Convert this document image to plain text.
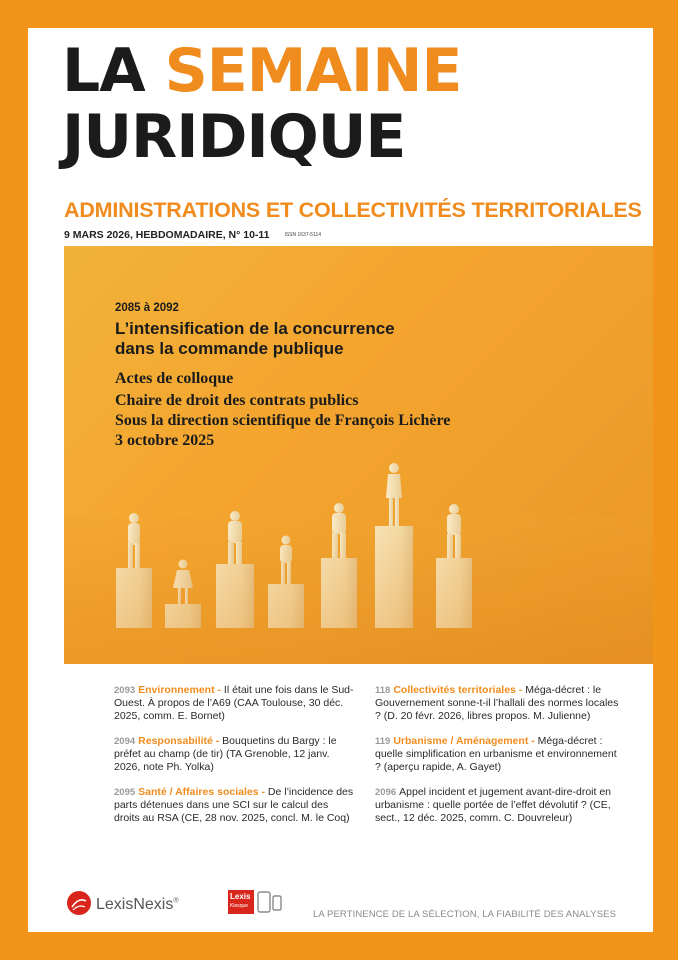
LA SEMAINE
JURIDIQUE
ADMINISTRATIONS ET COLLECTIVITÉS TERRITORIALES
9 MARS 2026, HEBDOMADAIRE, N° 10-11	ISSN 1637-5114
2085 à 2092
L’intensification de la concurrence
dans la commande publique
Actes de colloque
Chaire de droit des contrats publics
Sous la direction scientifique de François Lichère
3 octobre 2025
2093 Environnement - Il était une fois dans le Sud-Ouest. À propos de l’A69 (CAA Toulouse, 30 déc. 2025, comm. E. Bornet)
2094 Responsabilité - Bouquetins du Bargy : le préfet au champ (de tir) (TA Grenoble, 12 janv. 2026, note Ph. Yolka)
2095 Santé / Affaires sociales - De l’incidence des parts détenues dans une SCI sur le calcul des droits au RSA (CE, 28 nov. 2025, concl. M. le Coq)
118 Collectivités territoriales - Méga-décret : le Gouvernement sonne-t-il l’hallali des normes locales ? (D. 20 févr. 2026, libres propos. M. Julienne)
119 Urbanisme / Aménagement - Méga-décret : quelle simplification en urbanisme et environnement ? (aperçu rapide, A. Gayet)
2096 Appel incident et jugement avant-dire-droit en urbanisme : quelle portée de l’effet dévolutif ? (CE, sect., 12 déc. 2025, comm. C. Douvreleur)
LexisNexis®
Lexis
Kiosque
LA PERTINENCE DE LA SÉLECTION, LA FIABILITÉ DES ANALYSES
